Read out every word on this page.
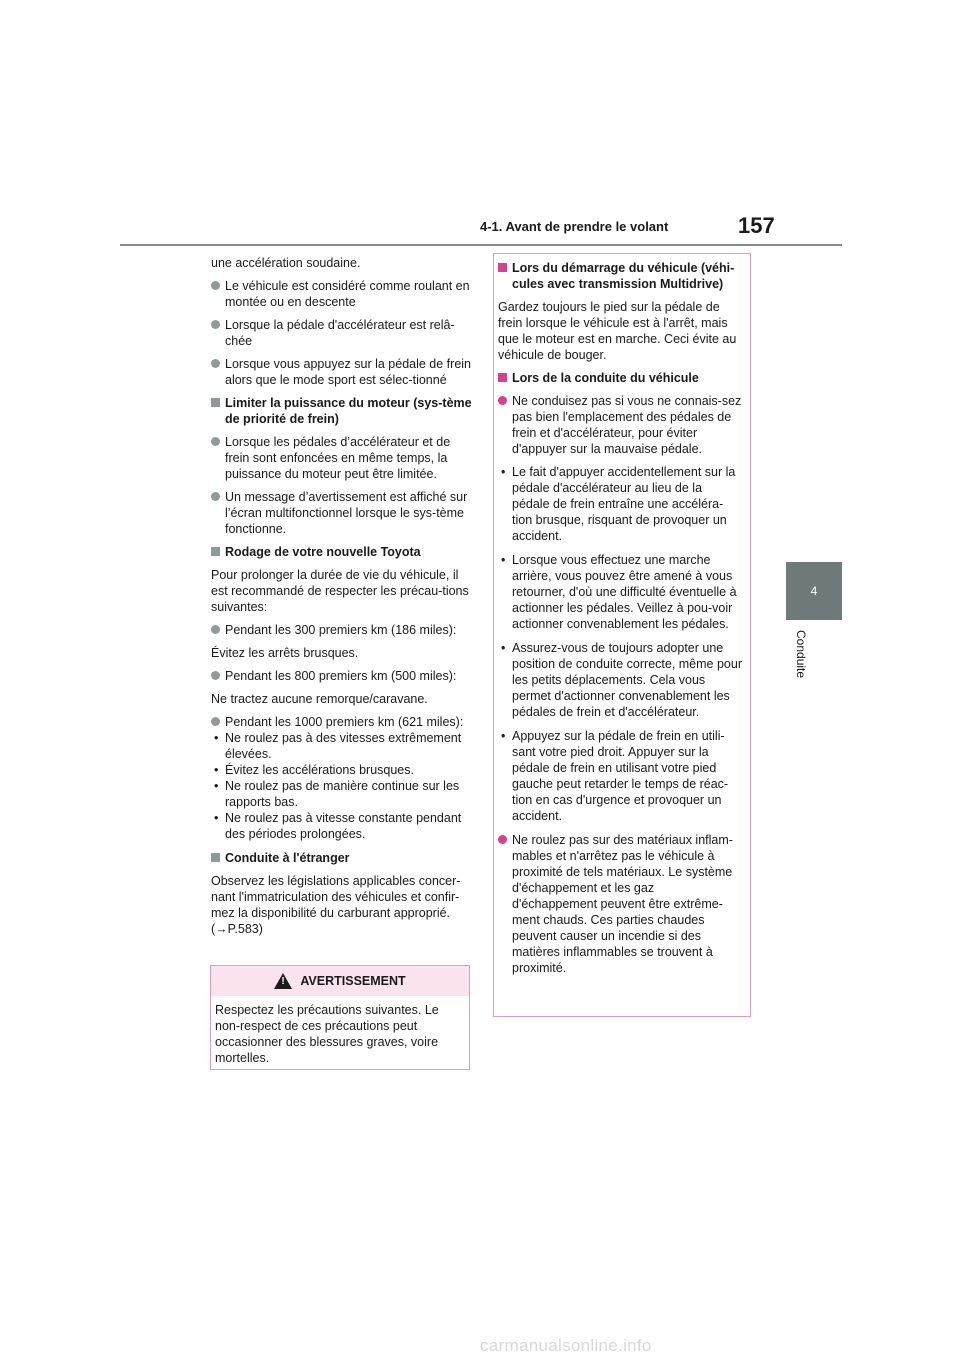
4-1. Avant de prendre le volant	157
4
Conduite

une accélération soudaine.

Le véhicule est considéré comme roulant en montée ou en descente
Lorsque la pédale d'accélérateur est relâ-chée
Lorsque vous appuyez sur la pédale de frein alors que le mode sport est sélec-tionné
Limiter la puissance du moteur (sys-tème de priorité de frein)
Lorsque les pédales d’accélérateur et de frein sont enfoncées en même temps, la puissance du moteur peut être limitée.
Un message d’avertissement est affiché sur l’écran multifonctionnel lorsque le sys-tème fonctionne.
Rodage de votre nouvelle Toyota

Pour prolonger la durée de vie du véhicule, il est recommandé de respecter les précau-tions suivantes:

Pendant les 300 premiers km (186 miles):

Évitez les arrêts brusques.

Pendant les 800 premiers km (500 miles):

Ne tractez aucune remorque/caravane.

Pendant les 1000 premiers km (621 miles):
• Ne roulez pas à des vitesses extrêmement élevées.
• Évitez les accélérations brusques.
• Ne roulez pas de manière continue sur les rapports bas.
• Ne roulez pas à vitesse constante pendant des périodes prolongées.
Conduite à l'étranger

Observez les législations applicables concer-nant l'immatriculation des véhicules et confir-mez la disponibilité du carburant approprié. (→P.583)

! AVERTISSEMENT
Respectez les précautions suivantes. Le non-respect de ces précautions peut occasionner des blessures graves, voire mortelles.
Lors du démarrage du véhicule (véhi-cules avec transmission Multidrive)

Gardez toujours le pied sur la pédale de frein lorsque le véhicule est à l'arrêt, mais que le moteur est en marche. Ceci évite au véhicule de bouger.

Lors de la conduite du véhicule
Ne conduisez pas si vous ne connais-sez pas bien l'emplacement des pédales de frein et d'accélérateur, pour éviter d'appuyer sur la mauvaise pédale.
• Le fait d'appuyer accidentellement sur la pédale d'accélérateur au lieu de la pédale de frein entraîne une accéléra-tion brusque, risquant de provoquer un accident.
• Lorsque vous effectuez une marche arrière, vous pouvez être amené à vous retourner, d'où une difficulté éventuelle à actionner les pédales. Veillez à pou-voir actionner convenablement les pédales.
• Assurez-vous de toujours adopter une position de conduite correcte, même pour les petits déplacements. Cela vous permet d'actionner convenablement les pédales de frein et d'accélérateur.
• Appuyez sur la pédale de frein en utili-sant votre pied droit. Appuyer sur la pédale de frein en utilisant votre pied gauche peut retarder le temps de réac-tion en cas d'urgence et provoquer un accident.
Ne roulez pas sur des matériaux inflam-mables et n'arrêtez pas le véhicule à proximité de tels matériaux. Le système d'échappement et les gaz d'échappement peuvent être extrême-ment chauds. Ces parties chaudes peuvent causer un incendie si des matières inflammables se trouvent à proximité.
carmanualsonline.info
